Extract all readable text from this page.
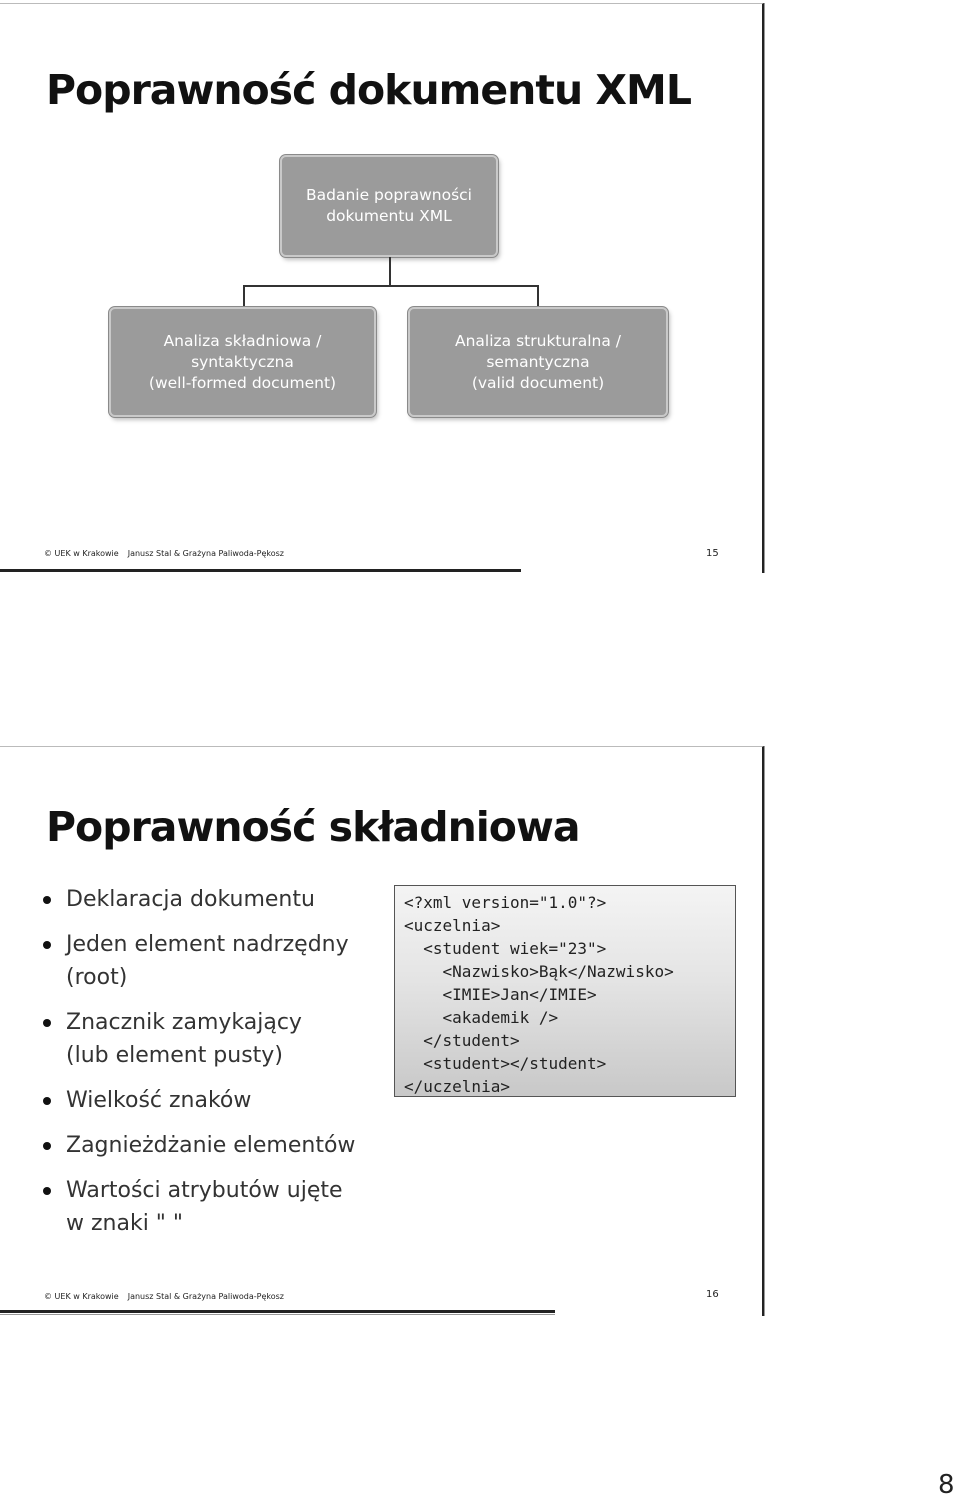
Poprawność dokumentu XML
Badanie poprawności
dokumentu XML
Analiza składniowa /
syntaktyczna
(well-formed document)
Analiza strukturalna /
semantyczna
(valid document)
© UEK w Krakowie Janusz Stal & Grażyna Paliwoda-Pękosz	15
Poprawność składniowa
Deklaracja dokumentu
Jeden element nadrzędny
(root)
Znacznik zamykający
(lub element pusty)
Wielkość znaków
Zagnieżdżanie elementów
Wartości atrybutów ujęte
w znaki " "
<?xml version="1.0"?>
<uczelnia>
<student wiek="23">
<Nazwisko>Bąk</Nazwisko>
<IMIE>Jan</IMIE>
<akademik />
</student>
<student></student>
</uczelnia>
© UEK w Krakowie Janusz Stal & Grażyna Paliwoda-Pękosz	16
8
